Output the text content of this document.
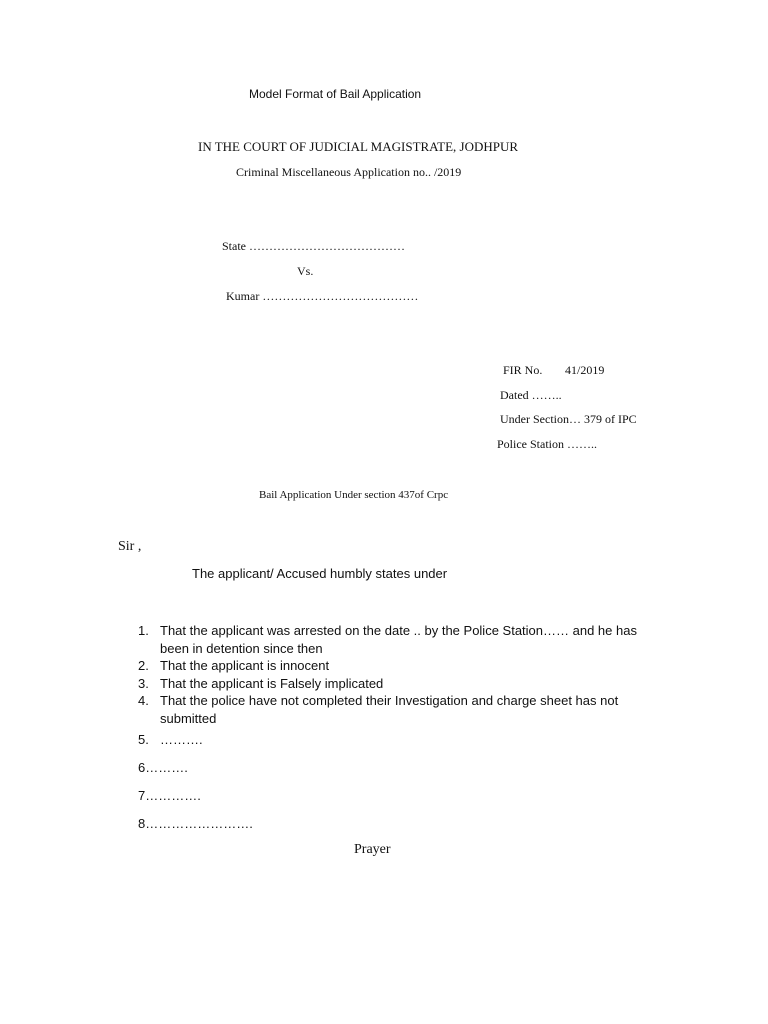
Model Format of Bail Application
IN THE COURT OF JUDICIAL MAGISTRATE, JODHPUR
Criminal Miscellaneous Application no.. /2019
State …………………………………
Vs.
Kumar …………………………………
FIR No. 41/2019
Dated ……..
Under Section… 379 of IPC
Police Station ……..
Bail Application Under section 437of Crpc
Sir ,
The applicant/ Accused humbly states under
1. That the applicant was arrested on the date .. by the Police Station…… and he has been in detention since then
2. That the applicant is innocent
3. That the applicant is Falsely implicated
4. That the police have not completed their Investigation and charge sheet has not submitted
5. ……….
6……….
7………….
8…………………….
Prayer
